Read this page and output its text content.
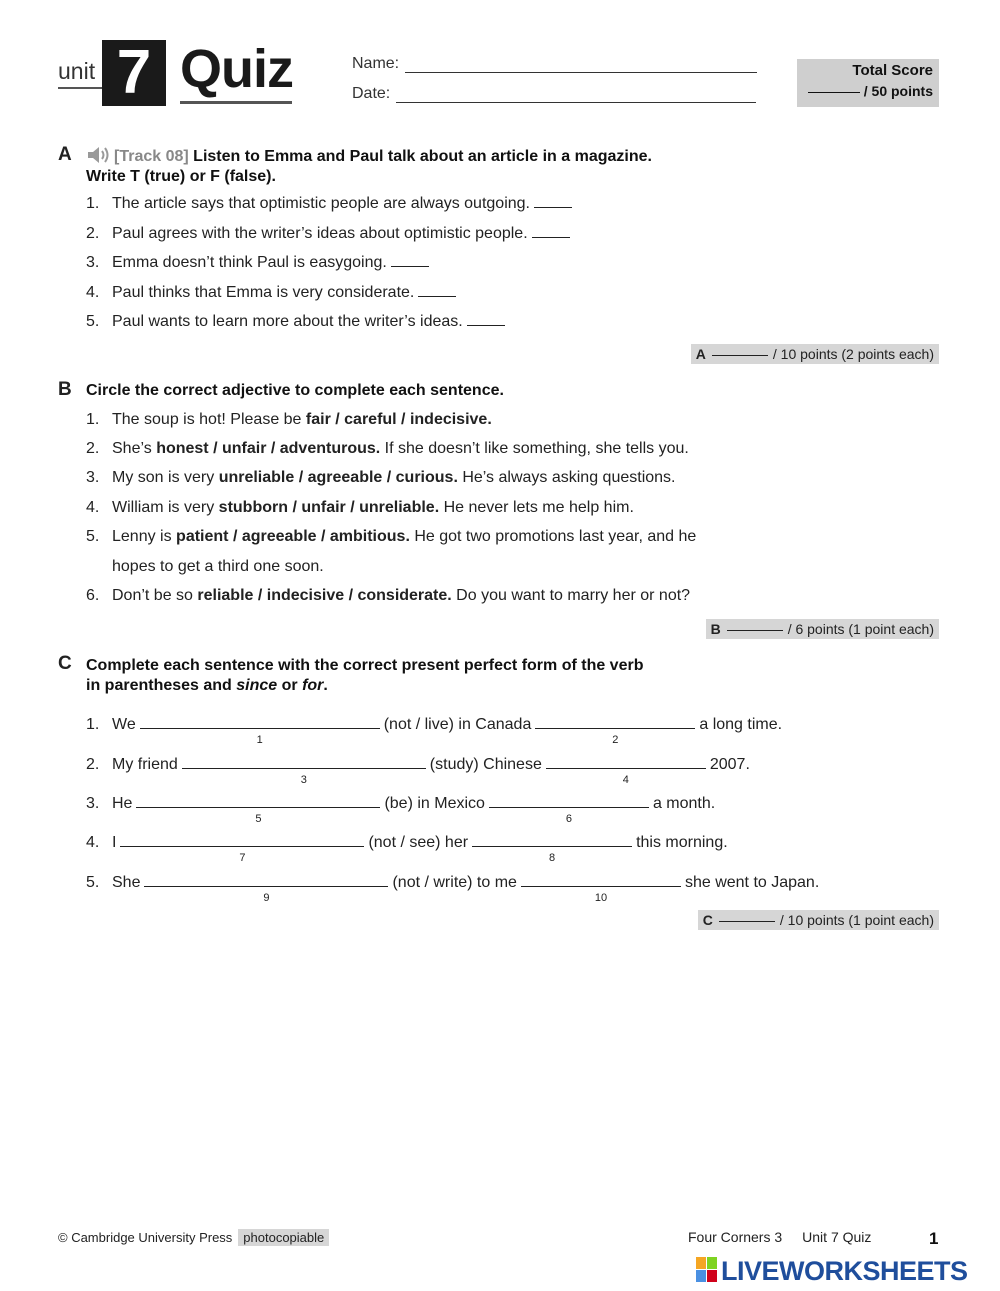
unit 7 Quiz	Name:
Date:
Total Score
/ 50 points
A	[Track 08] Listen to Emma and Paul talk about an article in a magazine.
Write T (true) or F (false).
1. The article says that optimistic people are always outgoing.
2. Paul agrees with the writer’s ideas about optimistic people.
3. Emma doesn’t think Paul is easygoing.
4. Paul thinks that Emma is very considerate.
5. Paul wants to learn more about the writer’s ideas.
A	/ 10 points (2 points each)
B Circle the correct adjective to complete each sentence.
1. The soup is hot! Please be fair / careful / indecisive.
2. She’s honest / unfair / adventurous. If she doesn’t like something, she tells you.
3. My son is very unreliable / agreeable / curious. He’s always asking questions.
4. William is very stubborn / unfair / unreliable. He never lets me help him.
5. Lenny is patient / agreeable / ambitious. He got two promotions last year, and he
hopes to get a third one soon.
6. Don’t be so reliable / indecisive / considerate. Do you want to marry her or not?
B	/ 6 points (1 point each)
C Complete each sentence with the correct present perfect form of the verb
in parentheses and since or for.
1. We
1
(not / live) in Canada
2
a long time.
2. My friend
3
(study) Chinese
4
2007.
3. He
5
(be) in Mexico
6
a month.
4. I
7
(not / see) her
8
this morning.
5. She
9
(not / write) to me
10
she went to Japan.
C	/ 10 points (1 point each)
© Cambridge University Press photocopiable	Four Corners 3 Unit 7 Quiz	1
LIVEWORKSHEETS
